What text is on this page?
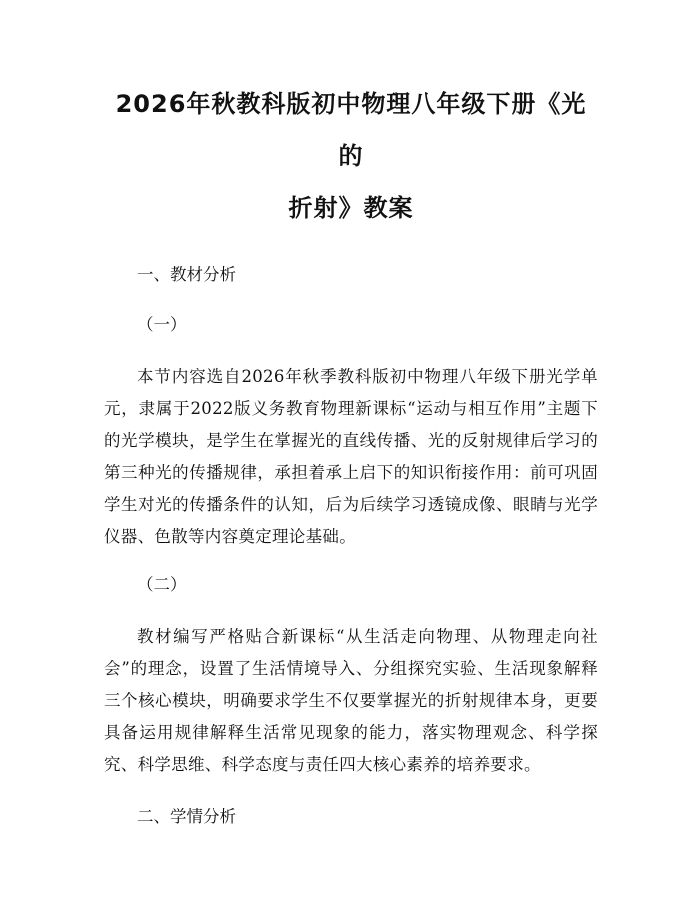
2026年秋教科版初中物理八年级下册《光的
折射》教案
一、教材分析

（一）

本节内容选自2026年秋季教科版初中物理八年级下册光学单元，隶属于2022版义务教育物理新课标“运动与相互作用”主题下的光学模块，是学生在掌握光的直线传播、光的反射规律后学习的第三种光的传播规律，承担着承上启下的知识衔接作用：前可巩固学生对光的传播条件的认知，后为后续学习透镜成像、眼睛与光学仪器、色散等内容奠定理论基础。

（二）

教材编写严格贴合新课标“从生活走向物理、从物理走向社会”的理念，设置了生活情境导入、分组探究实验、生活现象解释三个核心模块，明确要求学生不仅要掌握光的折射规律本身，更要具备运用规律解释生活常见现象的能力，落实物理观念、科学探究、科学思维、科学态度与责任四大核心素养的培养要求。

二、学情分析
